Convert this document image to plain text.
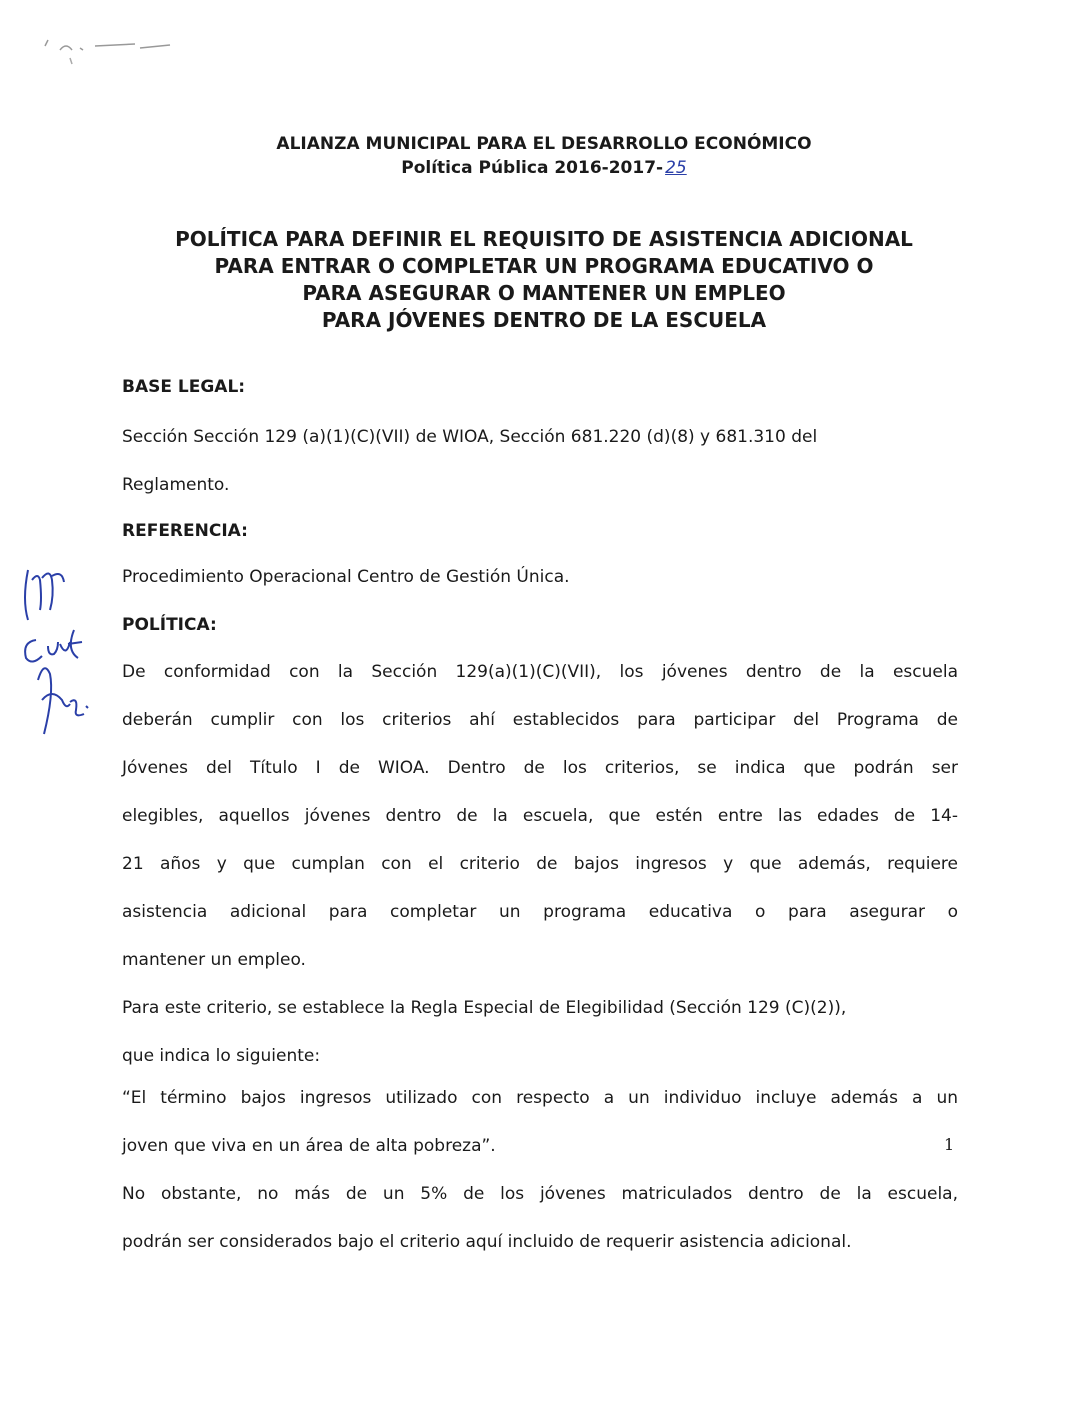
ALIANZA MUNICIPAL PARA EL DESARROLLO ECONÓMICO
Política Pública 2016-2017- 25
POLÍTICA PARA DEFINIR EL REQUISITO DE ASISTENCIA ADICIONAL
PARA ENTRAR O COMPLETAR UN PROGRAMA EDUCATIVO O
PARA ASEGURAR O MANTENER UN EMPLEO
PARA JÓVENES DENTRO DE LA ESCUELA
BASE LEGAL:
Sección Sección 129 (a)(1)(C)(VII) de WIOA, Sección 681.220 (d)(8) y 681.310 del
Reglamento.
REFERENCIA:
Procedimiento Operacional Centro de Gestión Única.
POLÍTICA:
De conformidad con la Sección 129(a)(1)(C)(VII), los jóvenes dentro de la escuela
deberán cumplir con los criterios ahí establecidos para participar del Programa de
Jóvenes del Título I de WIOA. Dentro de los criterios, se indica que podrán ser
elegibles, aquellos jóvenes dentro de la escuela, que estén entre las edades de 14-
21 años y que cumplan con el criterio de bajos ingresos y que además, requiere
asistencia adicional para completar un programa educativa o para asegurar o
mantener un empleo.
Para este criterio, se establece la Regla Especial de Elegibilidad (Sección 129 (C)(2)),
que indica lo siguiente:
“El término bajos ingresos utilizado con respecto a un individuo incluye además a un
joven que viva en un área de alta pobreza”.
No obstante, no más de un 5% de los jóvenes matriculados dentro de la escuela,
podrán ser considerados bajo el criterio aquí incluido de requerir asistencia adicional.
1
